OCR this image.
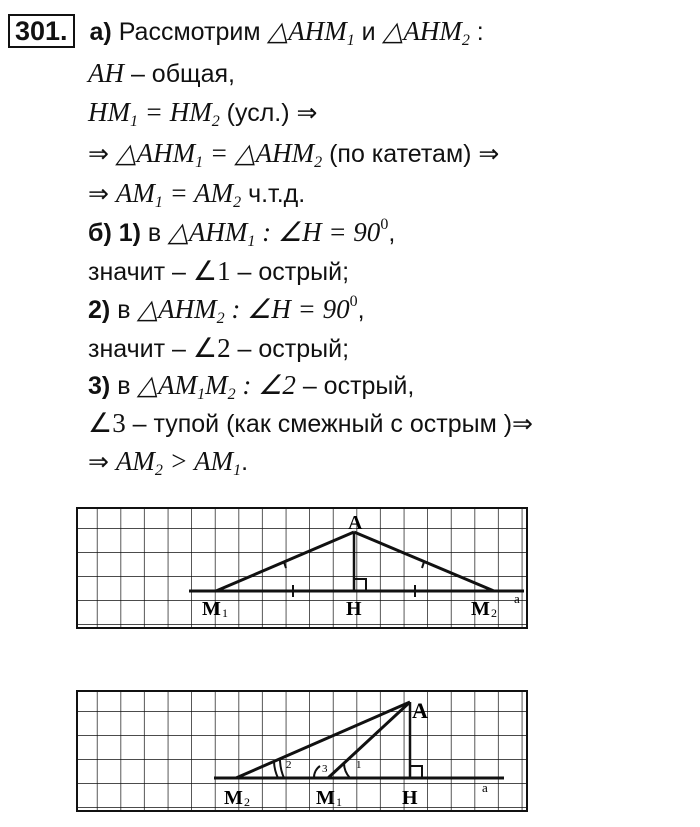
301. а) Рассмотрим $\triangle AHM_1$ и $\triangle AHM_2$ :
AH – общая,
$HM_1 = HM_2$ (усл.) ⇒
⇒ $\triangle AHM_1$ = $\triangle AHM_2$ (по катетам) ⇒
⇒ $AM_1 = AM_2$ ч.т.д.
б) 1) в $\triangle AHM_1$ : ∠H = $90^0$,
значит – ∠1 – острый;
2) в $\triangle AHM_2$ : ∠H = $90^0$,
значит – ∠2 – острый;
3) в $\triangle AM_1M_2$ : ∠2 – острый,
∠3 – тупой (как смежный с острым )⇒
⇒ $AM_2 > AM_1$.
A
M 1	H	M 2
a
2	1
3
A
M 2	M 1	H	a
